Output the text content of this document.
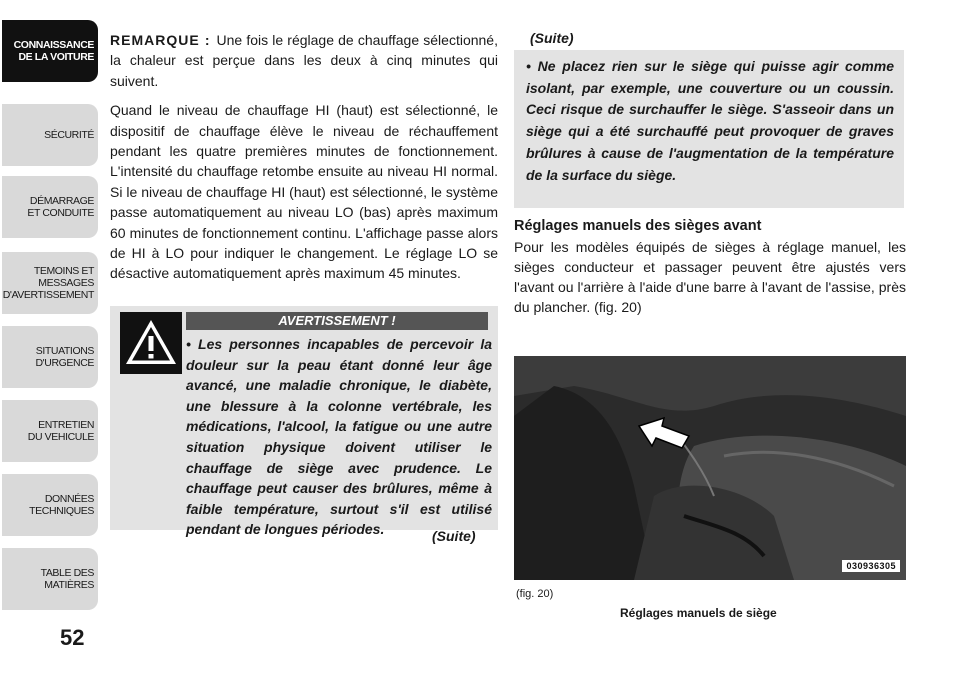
CONNAISSANCE
DE LA VOITURE
SÉCURITÉ
DÉMARRAGE
ET CONDUITE
TEMOINS ET
MESSAGES
D'AVERTISSEMENT
SITUATIONS
D'URGENCE
ENTRETIEN
DU VEHICULE
DONNÉES
TECHNIQUES
TABLE DES
MATIÈRES
52

REMARQUE : Une fois le réglage de chauffage sélectionné, la chaleur est perçue dans les deux à cinq minutes qui suivent.

Quand le niveau de chauffage HI (haut) est sélectionné, le dispositif de chauffage élève le niveau de réchauffement pendant les quatre premières minutes de fonctionnement. L'intensité du chauffage retombe ensuite au niveau HI normal. Si le niveau de chauffage HI (haut) est sélectionné, le système passe automatiquement au niveau LO (bas) après maximum 60 minutes de fonctionnement continu. L'affichage passe alors de HI à LO pour indiquer le changement. Le réglage LO se désactive automatiquement après maximum 45 minutes.

AVERTISSEMENT !
• Les personnes incapables de percevoir la douleur sur la peau étant donné leur âge avancé, une maladie chronique, le diabète, une blessure à la colonne vertébrale, les médications, l'alcool, la fatigue ou une autre situation physique doivent utiliser le chauffage de siège avec prudence. Le chauffage peut causer des brûlures, même à faible température, surtout s'il est utilisé pendant de longues périodes.	(Suite)
(Suite)
• Ne placez rien sur le siège qui puisse agir comme isolant, par exemple, une couverture ou un coussin. Ceci risque de surchauffer le siège. S'asseoir dans un siège qui a été surchauffé peut provoquer de graves brûlures à cause de l'augmentation de la température de la surface du siège.
Réglages manuels des sièges avant
Pour les modèles équipés de sièges à réglage manuel, les sièges conducteur et passager peuvent être ajustés vers l'avant ou l'arrière à l'aide d'une barre à l'avant de l'assise, près du plancher. (fig. 20)
030936305
(fig. 20)
Réglages manuels de siège
